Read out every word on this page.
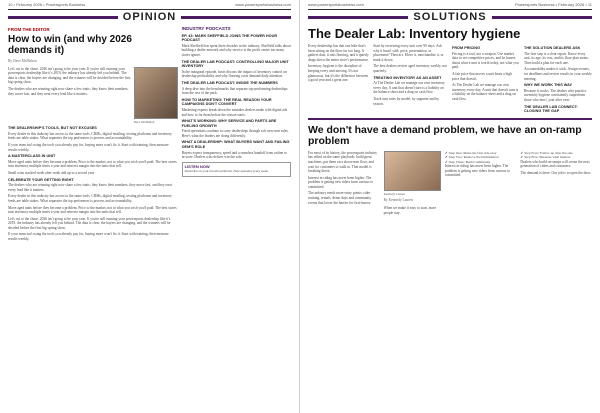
10 • February 2026 • Powersports Business	www.powersportsbusiness.com
OPINION
FROM THE EDITOR
How to win (and why 2026 demands it)
By Dave McMahon

Let's cut to the chase. 2026 isn't going to be your year. If you're still running your powersports dealership like it's 2019, the industry has already left you behind. The data is clear, the buyers are changing, and the winners will be decided before the first big spring show.

The dealers who are winning right now share a few traits: they know their numbers, they move fast, and they treat every lead like it matters.

Dave McMahon
THE DEALERSHIP'S TOOLS, BUT NOT EXCUSES

Every dealer in this industry has access to the same tools. CRMs, digital retailing, texting platforms and inventory feeds are table stakes. What separates the top performers is process and accountability.

If your team isn't using the tools you already pay for, buying more won't fix it. Start with training, then measure results weekly.

A MASTERCLASS IN UNIT

Move aged units before they become a problem. Price to the market, not to what you wish you'd paid. The best stores turn inventory multiple times a year and reinvest margin into the units that sell.

Small wins stacked week after week add up to a record year.

CELEBRATE YOUR GETTING RIGHT

The dealers who are winning right now share a few traits: they know their numbers, they move fast, and they treat every lead like it matters.

Every dealer in this industry has access to the same tools. CRMs, digital retailing, texting platforms and inventory feeds are table stakes. What separates the top performers is process and accountability.

Move aged units before they become a problem. Price to the market, not to what you wish you'd paid. The best stores turn inventory multiple times a year and reinvest margin into the units that sell.

Let's cut to the chase. 2026 isn't going to be your year. If you're still running your powersports dealership like it's 2019, the industry has already left you behind. The data is clear, the buyers are changing, and the winners will be decided before the first big spring show.

If your team isn't using the tools you already pay for, buying more won't fix it. Start with training, then measure results weekly.

INDUSTRY PODCASTS
EP. 43: MARK SHEFFIELD JOINS THE POWER HOUR PODCAST

Mark Sheffield has spent three decades in the industry. Sheffield talks about building a dealer network and why service is the profit center too many stores ignore.

THE DEALER LAB PODCAST: CONTROLLING MAJOR UNIT INVENTORY

In the inaugural episode, hosts discuss the impact of inventory control on dealership profitability and why flooring costs demand daily attention.

THE DEALER LAB PODCAST: INSIDE THE NUMBERS

A deep dive into the benchmarks that separate top-performing dealerships from the rest of the pack.

HOW TO MARKETING: THE REAL REASON YOUR CAMPAIGNS DON'T CONVERT

Marketing experts break down the mistakes dealers make with digital ads and how to fix them before the season starts.

WHAT'S WORKING: WHY SERVICE AND PARTS ARE FUELING GROWTH

Fixed operations continue to carry dealerships through soft new-unit sales. Here's what the leaders are doing differently.

WHAT A DEALERSHIP: WHAT BUYERS WANT AND FAILING OEM'S ROLE

Buyers expect transparency, speed and a seamless handoff from online to in-store. Dealers who deliver win the sale.

LISTEN NOW
Subscribe on your favorite platform. New episodes every week.
www.powersportsbusiness.com	Powersports Business • February 2026 • 11
SOLUTIONS
The Dealer Lab: Inventory hygiene

Every dealership has that one bike that's been sitting on the floor far too long. It gathers dust, it eats flooring, and it quietly drags down the entire store's performance.

Inventory hygiene is the discipline of keeping every unit moving. It's not glamorous, but it's the difference between a good year and a great one.

Start by reviewing every unit over 90 days. Ask why it hasn't sold: price, presentation, or placement? Then act. Move it, merchandise it, or mark it down.

The best dealers review aged inventory weekly, not quarterly.

TREATING INVENTORY AS AN ASSET

At The Dealer Lab we manage our own inventory every day. A unit that doesn't turn is a liability on the balance sheet and a drag on cash flow.

Track turn rates by model, by segment and by season.

FROM PRICING

Pricing is a tool, not a weapon. Use market data to set competitive prices, and be honest about what a unit is worth today, not what you paid.

A fair price that moves a unit beats a high price that doesn't.

At The Dealer Lab we manage our own inventory every day. A unit that doesn't turn is a liability on the balance sheet and a drag on cash flow.

THE SOLUTION DEALERS ASK

The first step is a clear report. Know every unit, its age, its cost, and its floor plan status. Then build a plan for each one.

Accountability makes it stick. Assign owners, set deadlines and review results in your weekly meeting.

WHY WE WORK THIS WAY

Because it works. The dealers who practice inventory hygiene consistently outperform those who don't, year after year.

THE DEALER LAB CONNECT: CLOSING THE GAP
We don't have a demand problem, we have an on-ramp problem

For most of its history, the powersports industry has relied on the same playbook: build great machines, put them on a showroom floor, and wait for customers to walk in. That model is breaking down.

Interest in riding has never been higher. The problem is getting new riders from curious to committed.

The industry needs more entry points: rider training, rentals, demo days and community events that lower the barrier for first-timers.

Kennedy Lauren
By Kennedy Lauren

When we make it easy to start, more people stay.

✓ Step One: Make the first ride easy
✓ Step Two: Remove the intimidation
✓ Step Three: Build community

Interest in riding has never been higher. The problem is getting new riders from curious to committed.

✓ Step Four: Follow up after the sale
✓ Step Five: Measure what matters

Dealers who build on-ramps will create the next generation of riders and customers.

The demand is there. Our job is to open the door.
